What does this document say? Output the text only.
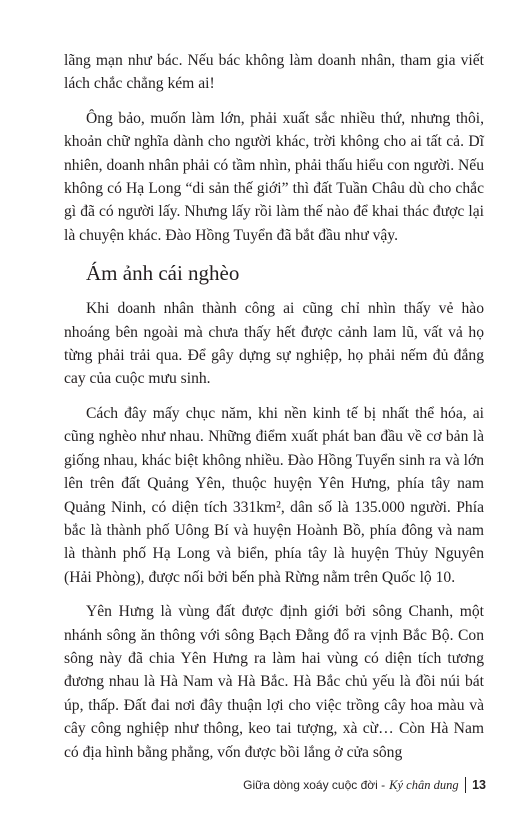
lãng mạn như bác. Nếu bác không làm doanh nhân, tham gia viết lách chắc chẳng kém ai!

Ông bảo, muốn làm lớn, phải xuất sắc nhiều thứ, nhưng thôi, khoản chữ nghĩa dành cho người khác, trời không cho ai tất cả. Dĩ nhiên, doanh nhân phải có tầm nhìn, phải thấu hiểu con người. Nếu không có Hạ Long “di sản thế giới” thì đất Tuần Châu dù cho chắc gì đã có người lấy. Nhưng lấy rồi làm thế nào để khai thác được lại là chuyện khác. Đào Hồng Tuyển đã bắt đầu như vậy.

Ám ảnh cái nghèo

Khi doanh nhân thành công ai cũng chỉ nhìn thấy vẻ hào nhoáng bên ngoài mà chưa thấy hết được cảnh lam lũ, vất vả họ từng phải trải qua. Để gây dựng sự nghiệp, họ phải nếm đủ đắng cay của cuộc mưu sinh.

Cách đây mấy chục năm, khi nền kinh tế bị nhất thể hóa, ai cũng nghèo như nhau. Những điểm xuất phát ban đầu về cơ bản là giống nhau, khác biệt không nhiều. Đào Hồng Tuyển sinh ra và lớn lên trên đất Quảng Yên, thuộc huyện Yên Hưng, phía tây nam Quảng Ninh, có diện tích 331km², dân số là 135.000 người. Phía bắc là thành phố Uông Bí và huyện Hoành Bồ, phía đông và nam là thành phố Hạ Long và biển, phía tây là huyện Thủy Nguyên (Hải Phòng), được nối bởi bến phà Rừng nằm trên Quốc lộ 10.

Yên Hưng là vùng đất được định giới bởi sông Chanh, một nhánh sông ăn thông với sông Bạch Đằng đổ ra vịnh Bắc Bộ. Con sông này đã chia Yên Hưng ra làm hai vùng có diện tích tương đương nhau là Hà Nam và Hà Bắc. Hà Bắc chủ yếu là đồi núi bát úp, thấp. Đất đai nơi đây thuận lợi cho việc trồng cây hoa màu và cây công nghiệp như thông, keo tai tượng, xà cừ… Còn Hà Nam có địa hình bằng phẳng, vốn được bồi lắng ở cửa sông

Giữa dòng xoáy cuộc đời - Ký chân dung 13
